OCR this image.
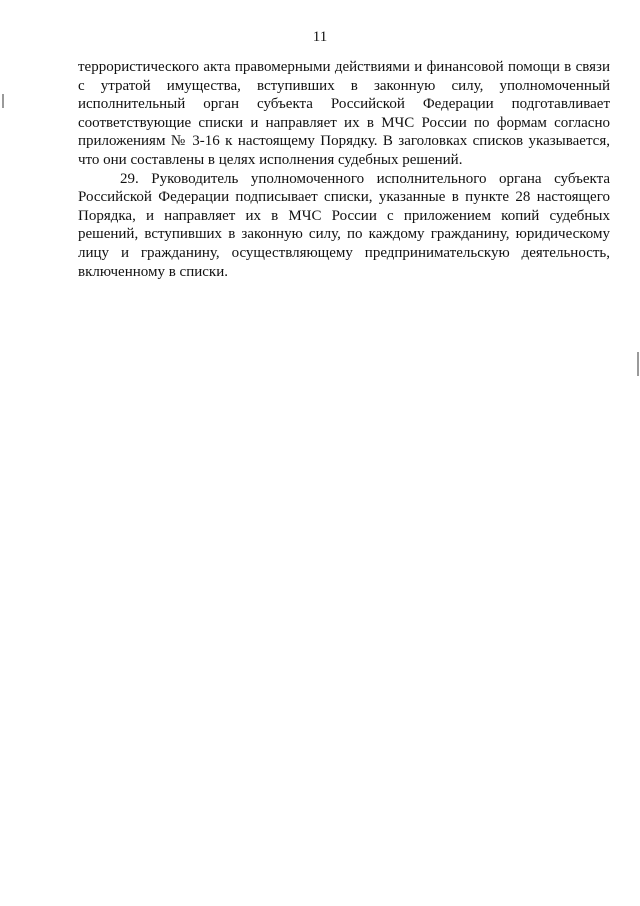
11

террористического акта правомерными действиями и финансовой помощи в связи
с утратой имущества, вступивших в законную силу, уполномоченный
исполнительный орган субъекта Российской Федерации подготавливает
соответствующие списки и направляет их в МЧС России по формам согласно
приложениям № 3-16 к настоящему Порядку. В заголовках списков указывается,
что они составлены в целях исполнения судебных решений.

29. Руководитель уполномоченного исполнительного органа субъекта
Российской Федерации подписывает списки, указанные в пункте 28 настоящего
Порядка, и направляет их в МЧС России с приложением копий судебных
решений, вступивших в законную силу, по каждому гражданину, юридическому
лицу и гражданину, осуществляющему предпринимательскую деятельность,
включенному в списки.
